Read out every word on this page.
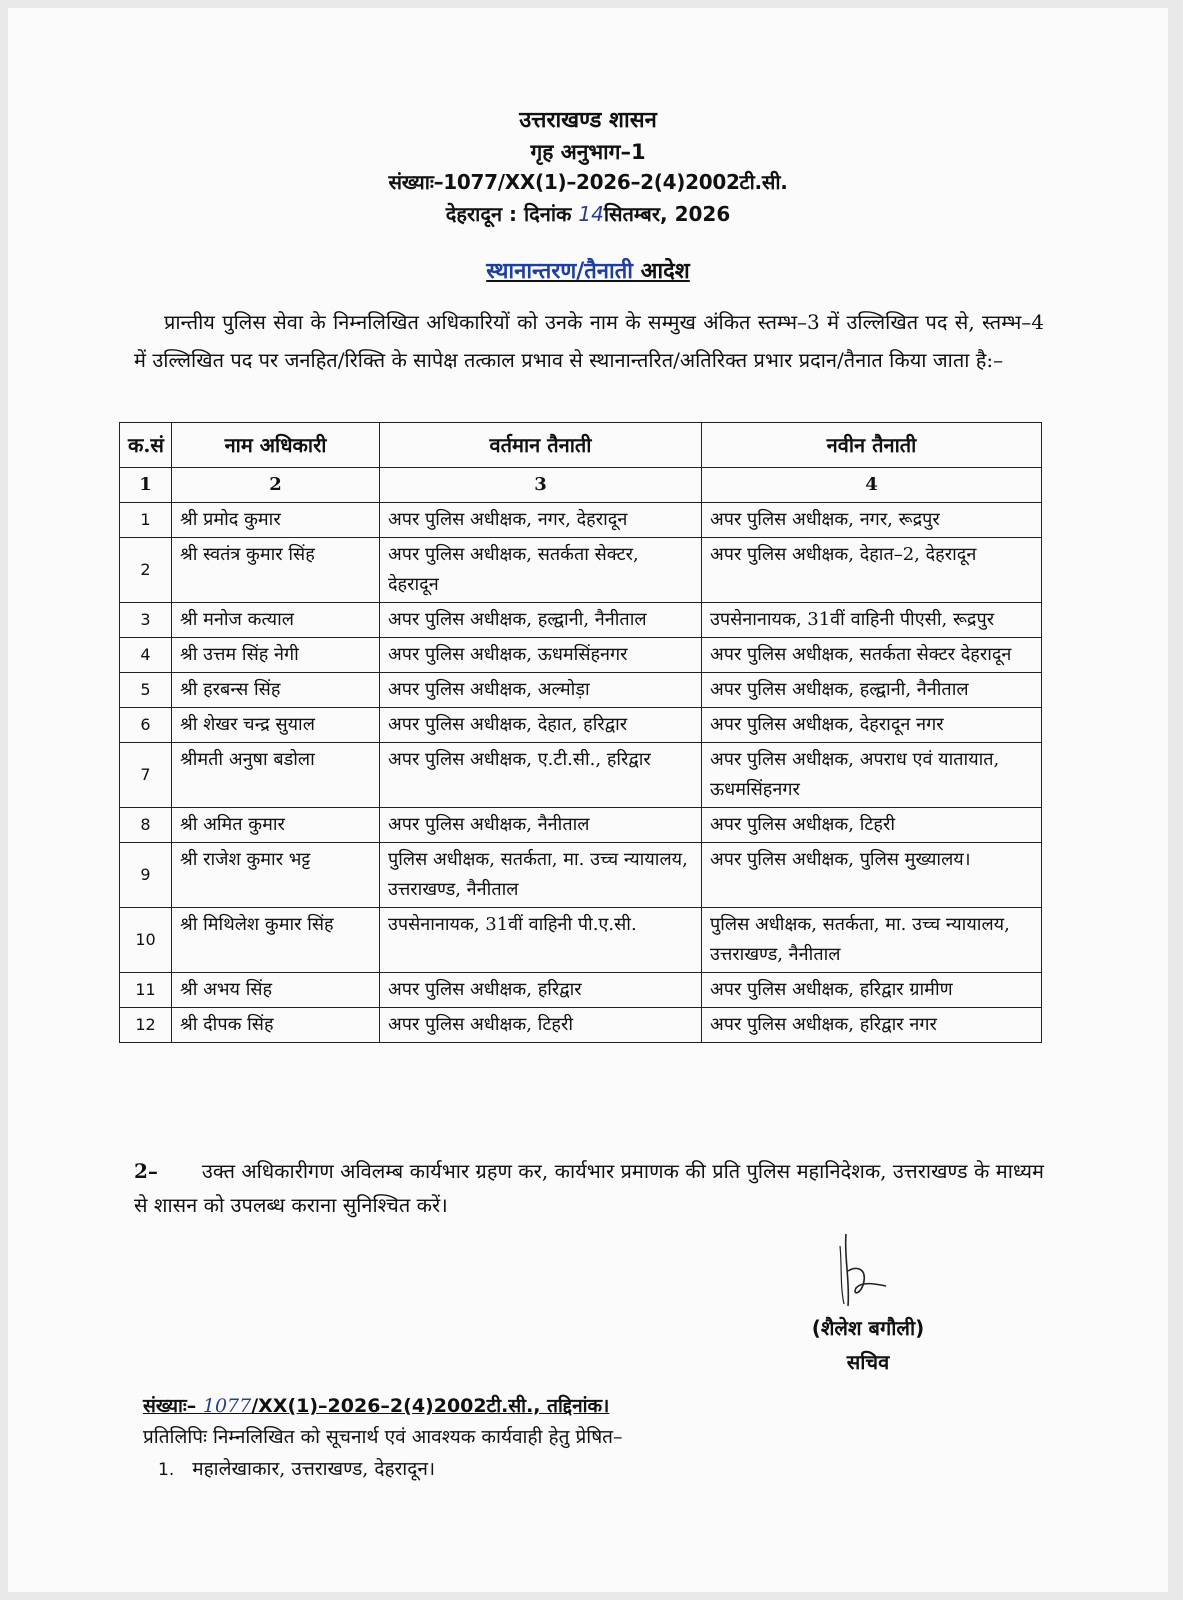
उत्तराखण्ड शासन
गृह अनुभाग–1
संख्याः–1077/XX(1)–2026–2(4)2002टी.सी.
देहरादून : दिनांक 14सितम्बर, 2026
स्थानान्तरण/तैनाती आदेश
प्रान्तीय पुलिस सेवा के निम्नलिखित अधिकारियों को उनके नाम के सम्मुख अंकित स्तम्भ–3 में उल्लिखित पद से, स्तम्भ–4 में उल्लिखित पद पर जनहित/रिक्ति के सापेक्ष तत्काल प्रभाव से स्थानान्तरित/अतिरिक्त प्रभार प्रदान/तैनात किया जाता है:–
क.सं	नाम अधिकारी	वर्तमान तैनाती	नवीन तैनाती
1	2	3	4
1	श्री प्रमोद कुमार	अपर पुलिस अधीक्षक, नगर, देहरादून	अपर पुलिस अधीक्षक, नगर, रूद्रपुर
2	श्री स्वतंत्र कुमार सिंह	अपर पुलिस अधीक्षक, सतर्कता सेक्टर, देहरादून	अपर पुलिस अधीक्षक, देहात–2, देहरादून
3	श्री मनोज कत्याल	अपर पुलिस अधीक्षक, हल्द्वानी, नैनीताल	उपसेनानायक, 31वीं वाहिनी पीएसी, रूद्रपुर
4	श्री उत्तम सिंह नेगी	अपर पुलिस अधीक्षक, ऊधमसिंहनगर	अपर पुलिस अधीक्षक, सतर्कता सेक्टर देहरादून
5	श्री हरबन्स सिंह	अपर पुलिस अधीक्षक, अल्मोड़ा	अपर पुलिस अधीक्षक, हल्द्वानी, नैनीताल
6	श्री शेखर चन्द्र सुयाल	अपर पुलिस अधीक्षक, देहात, हरिद्वार	अपर पुलिस अधीक्षक, देहरादून नगर
7	श्रीमती अनुषा बडोला	अपर पुलिस अधीक्षक, ए.टी.सी., हरिद्वार	अपर पुलिस अधीक्षक, अपराध एवं यातायात, ऊधमसिंहनगर
8	श्री अमित कुमार	अपर पुलिस अधीक्षक, नैनीताल	अपर पुलिस अधीक्षक, टिहरी
9	श्री राजेश कुमार भट्ट	पुलिस अधीक्षक, सतर्कता, मा. उच्च न्यायालय, उत्तराखण्ड, नैनीताल	अपर पुलिस अधीक्षक, पुलिस मुख्यालय।
10	श्री मिथिलेश कुमार सिंह	उपसेनानायक, 31वीं वाहिनी पी.ए.सी.	पुलिस अधीक्षक, सतर्कता, मा. उच्च न्यायालय, उत्तराखण्ड, नैनीताल
11	श्री अभय सिंह	अपर पुलिस अधीक्षक, हरिद्वार	अपर पुलिस अधीक्षक, हरिद्वार ग्रामीण
12	श्री दीपक सिंह	अपर पुलिस अधीक्षक, टिहरी	अपर पुलिस अधीक्षक, हरिद्वार नगर
2– उक्त अधिकारीगण अविलम्ब कार्यभार ग्रहण कर, कार्यभार प्रमाणक की प्रति पुलिस महानिदेशक, उत्तराखण्ड के माध्यम से शासन को उपलब्ध कराना सुनिश्चित करें।
(शैलेश बगौली)
सचिव
संख्याः– 1077/XX(1)–2026–2(4)2002टी.सी., तद्दिनांक।
प्रतिलिपिः निम्नलिखित को सूचनार्थ एवं आवश्यक कार्यवाही हेतु प्रेषित–
1. महालेखाकार, उत्तराखण्ड, देहरादून।
